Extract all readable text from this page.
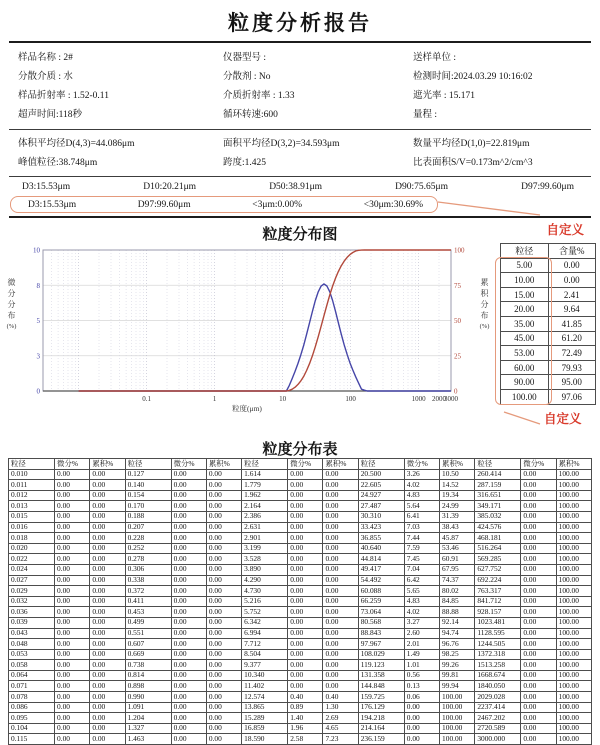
粒度分析报告
样品名称 : 2#	仪器型号 :	送样单位 :
分散介质 : 水	分散剂 : No	检测时间:2024.03.29 10:16:02
样品折射率 : 1.52-0.11	介质折射率 : 1.33	遮光率 : 15.171
超声时间:118秒	循环转速:600	量程 :
体积平均径D(4,3)=44.086μm	面积平均径D(3,2)=34.593μm	数量平均径D(1,0)=22.819μm
峰值粒径:38.748μm	跨度:1.425	比表面积S/V=0.173m^2/cm^3
D3:15.53μm	D10:20.21μm	D50:38.91μm	D90:75.65μm	D97:99.60μm
D3:15.53μm	D97:99.60μm	<3μm:0.00%	<30μm:30.69%
粒度分布图	自定义
微
分
分
布
(%)
0
3
5
8
10
0
25
50
75
100
0.1	1	10	100	1000 2000
3000
粒度(μm)
累
积
分
布
(%)
粒径	含量%
5.00	0.00
10.00	0.00
15.00	2.41
20.00	9.64
35.00	41.85
45.00	61.20
53.00	72.49
60.00	79.93
90.00	95.00
100.00	97.06
自定义
粒度分布表
粒径	微分%	累积%	粒径	微分%	累积%	粒径	微分%	累积%	粒径	微分%	累积%	粒径	微分%	累积%
0.010	0.00	0.00	0.127	0.00	0.00	1.614	0.00	0.00	20.500	3.26	10.50	260.414	0.00	100.00
0.011	0.00	0.00	0.140	0.00	0.00	1.779	0.00	0.00	22.605	4.02	14.52	287.159	0.00	100.00
0.012	0.00	0.00	0.154	0.00	0.00	1.962	0.00	0.00	24.927	4.83	19.34	316.651	0.00	100.00
0.013	0.00	0.00	0.170	0.00	0.00	2.164	0.00	0.00	27.487	5.64	24.99	349.171	0.00	100.00
0.015	0.00	0.00	0.188	0.00	0.00	2.386	0.00	0.00	30.310	6.41	31.39	385.032	0.00	100.00
0.016	0.00	0.00	0.207	0.00	0.00	2.631	0.00	0.00	33.423	7.03	38.43	424.576	0.00	100.00
0.018	0.00	0.00	0.228	0.00	0.00	2.901	0.00	0.00	36.855	7.44	45.87	468.181	0.00	100.00
0.020	0.00	0.00	0.252	0.00	0.00	3.199	0.00	0.00	40.640	7.59	53.46	516.264	0.00	100.00
0.022	0.00	0.00	0.278	0.00	0.00	3.528	0.00	0.00	44.814	7.45	60.91	569.285	0.00	100.00
0.024	0.00	0.00	0.306	0.00	0.00	3.890	0.00	0.00	49.417	7.04	67.95	627.752	0.00	100.00
0.027	0.00	0.00	0.338	0.00	0.00	4.290	0.00	0.00	54.492	6.42	74.37	692.224	0.00	100.00
0.029	0.00	0.00	0.372	0.00	0.00	4.730	0.00	0.00	60.088	5.65	80.02	763.317	0.00	100.00
0.032	0.00	0.00	0.411	0.00	0.00	5.216	0.00	0.00	66.259	4.83	84.85	841.712	0.00	100.00
0.036	0.00	0.00	0.453	0.00	0.00	5.752	0.00	0.00	73.064	4.02	88.88	928.157	0.00	100.00
0.039	0.00	0.00	0.499	0.00	0.00	6.342	0.00	0.00	80.568	3.27	92.14	1023.481	0.00	100.00
0.043	0.00	0.00	0.551	0.00	0.00	6.994	0.00	0.00	88.843	2.60	94.74	1128.595	0.00	100.00
0.048	0.00	0.00	0.607	0.00	0.00	7.712	0.00	0.00	97.967	2.01	96.76	1244.505	0.00	100.00
0.053	0.00	0.00	0.669	0.00	0.00	8.504	0.00	0.00	108.029	1.49	98.25	1372.318	0.00	100.00
0.058	0.00	0.00	0.738	0.00	0.00	9.377	0.00	0.00	119.123	1.01	99.26	1513.258	0.00	100.00
0.064	0.00	0.00	0.814	0.00	0.00	10.340	0.00	0.00	131.358	0.56	99.81	1668.674	0.00	100.00
0.071	0.00	0.00	0.898	0.00	0.00	11.402	0.00	0.00	144.848	0.13	99.94	1840.050	0.00	100.00
0.078	0.00	0.00	0.990	0.00	0.00	12.574	0.40	0.40	159.725	0.06	100.00	2029.028	0.00	100.00
0.086	0.00	0.00	1.091	0.00	0.00	13.865	0.89	1.30	176.129	0.00	100.00	2237.414	0.00	100.00
0.095	0.00	0.00	1.204	0.00	0.00	15.289	1.40	2.69	194.218	0.00	100.00	2467.202	0.00	100.00
0.104	0.00	0.00	1.327	0.00	0.00	16.859	1.96	4.65	214.164	0.00	100.00	2720.589	0.00	100.00
0.115	0.00	0.00	1.463	0.00	0.00	18.590	2.58	7.23	236.159	0.00	100.00	3000.000	0.00	100.00
